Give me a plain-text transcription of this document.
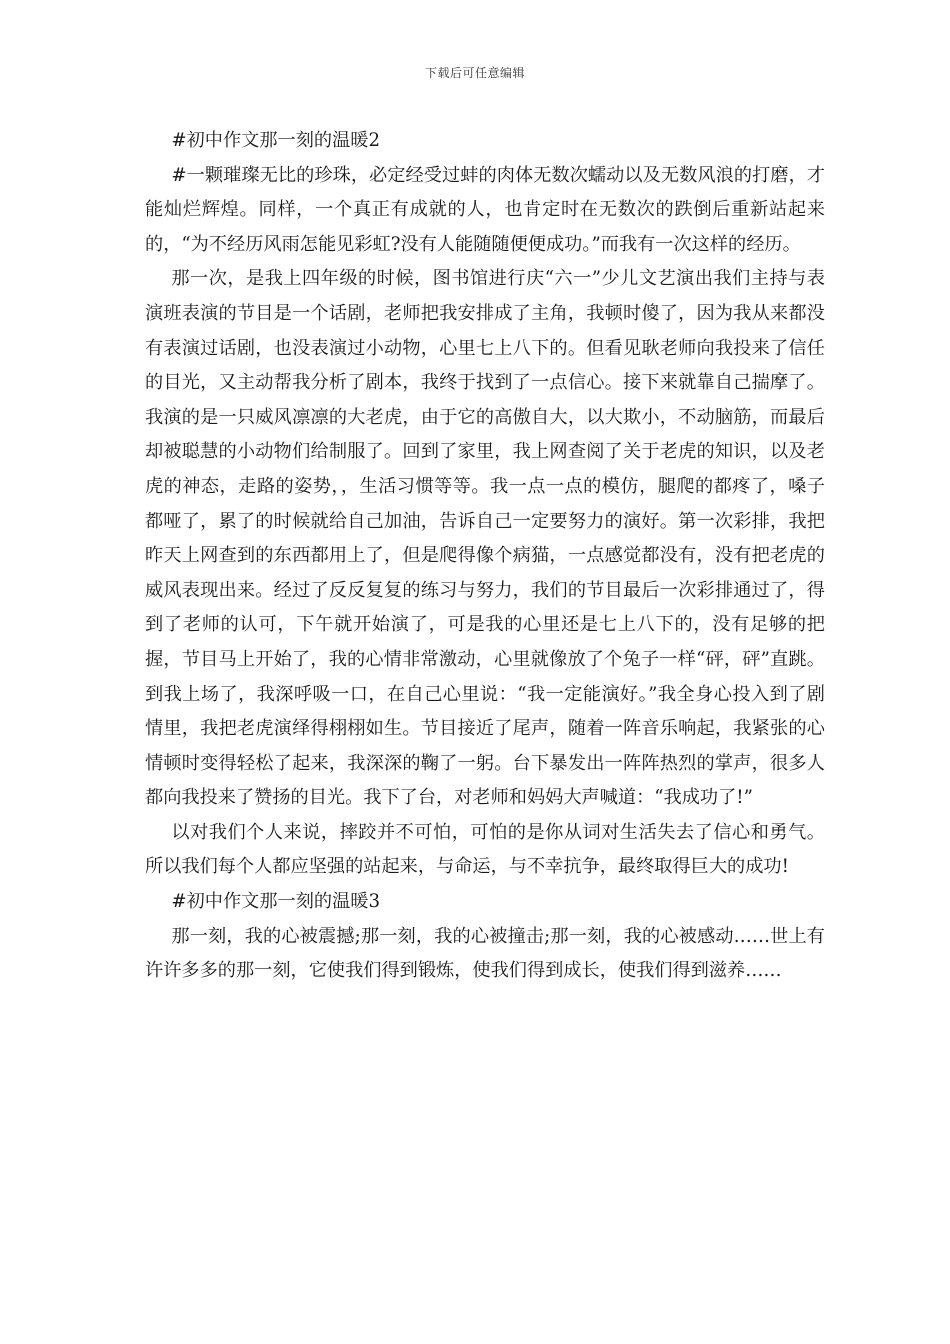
下载后可任意编辑

#初中作文那一刻的温暖2

#一颗璀璨无比的珍珠，必定经受过蚌的肉体无数次蠕动以及无数风浪的打磨，才能灿烂辉煌。同样，一个真正有成就的人，也肯定时在无数次的跌倒后重新站起来的，“为不经历风雨怎能见彩虹?没有人能随随便便成功。”而我有一次这样的经历。

那一次，是我上四年级的时候，图书馆进行庆“六一”少儿文艺演出我们主持与表演班表演的节目是一个话剧，老师把我安排成了主角，我顿时傻了，因为我从来都没有表演过话剧，也没表演过小动物，心里七上八下的。但看见耿老师向我投来了信任的目光，又主动帮我分析了剧本，我终于找到了一点信心。接下来就靠自己揣摩了。我演的是一只威风凛凛的大老虎，由于它的高傲自大，以大欺小，不动脑筋，而最后却被聪慧的小动物们给制服了。回到了家里，我上网查阅了关于老虎的知识，以及老虎的神态，走路的姿势，，生活习惯等等。我一点一点的模仿，腿爬的都疼了，嗓子都哑了，累了的时候就给自己加油，告诉自己一定要努力的演好。第一次彩排，我把昨天上网查到的东西都用上了，但是爬得像个病猫，一点感觉都没有，没有把老虎的威风表现出来。经过了反反复复的练习与努力，我们的节目最后一次彩排通过了，得到了老师的认可，下午就开始演了，可是我的心里还是七上八下的，没有足够的把握，节目马上开始了，我的心情非常激动，心里就像放了个兔子一样“砰，砰”直跳。到我上场了，我深呼吸一口，在自己心里说：“我一定能演好。”我全身心投入到了剧情里，我把老虎演绎得栩栩如生。节目接近了尾声，随着一阵音乐响起，我紧张的心情顿时变得轻松了起来，我深深的鞠了一躬。台下暴发出一阵阵热烈的掌声，很多人都向我投来了赞扬的目光。我下了台，对老师和妈妈大声喊道：“我成功了!”

以对我们个人来说，摔跤并不可怕，可怕的是你从词对生活失去了信心和勇气。所以我们每个人都应坚强的站起来，与命运，与不幸抗争，最终取得巨大的成功!

#初中作文那一刻的温暖3

那一刻，我的心被震撼;那一刻，我的心被撞击;那一刻，我的心被感动……世上有许许多多的那一刻，它使我们得到锻炼，使我们得到成长，使我们得到滋养……
